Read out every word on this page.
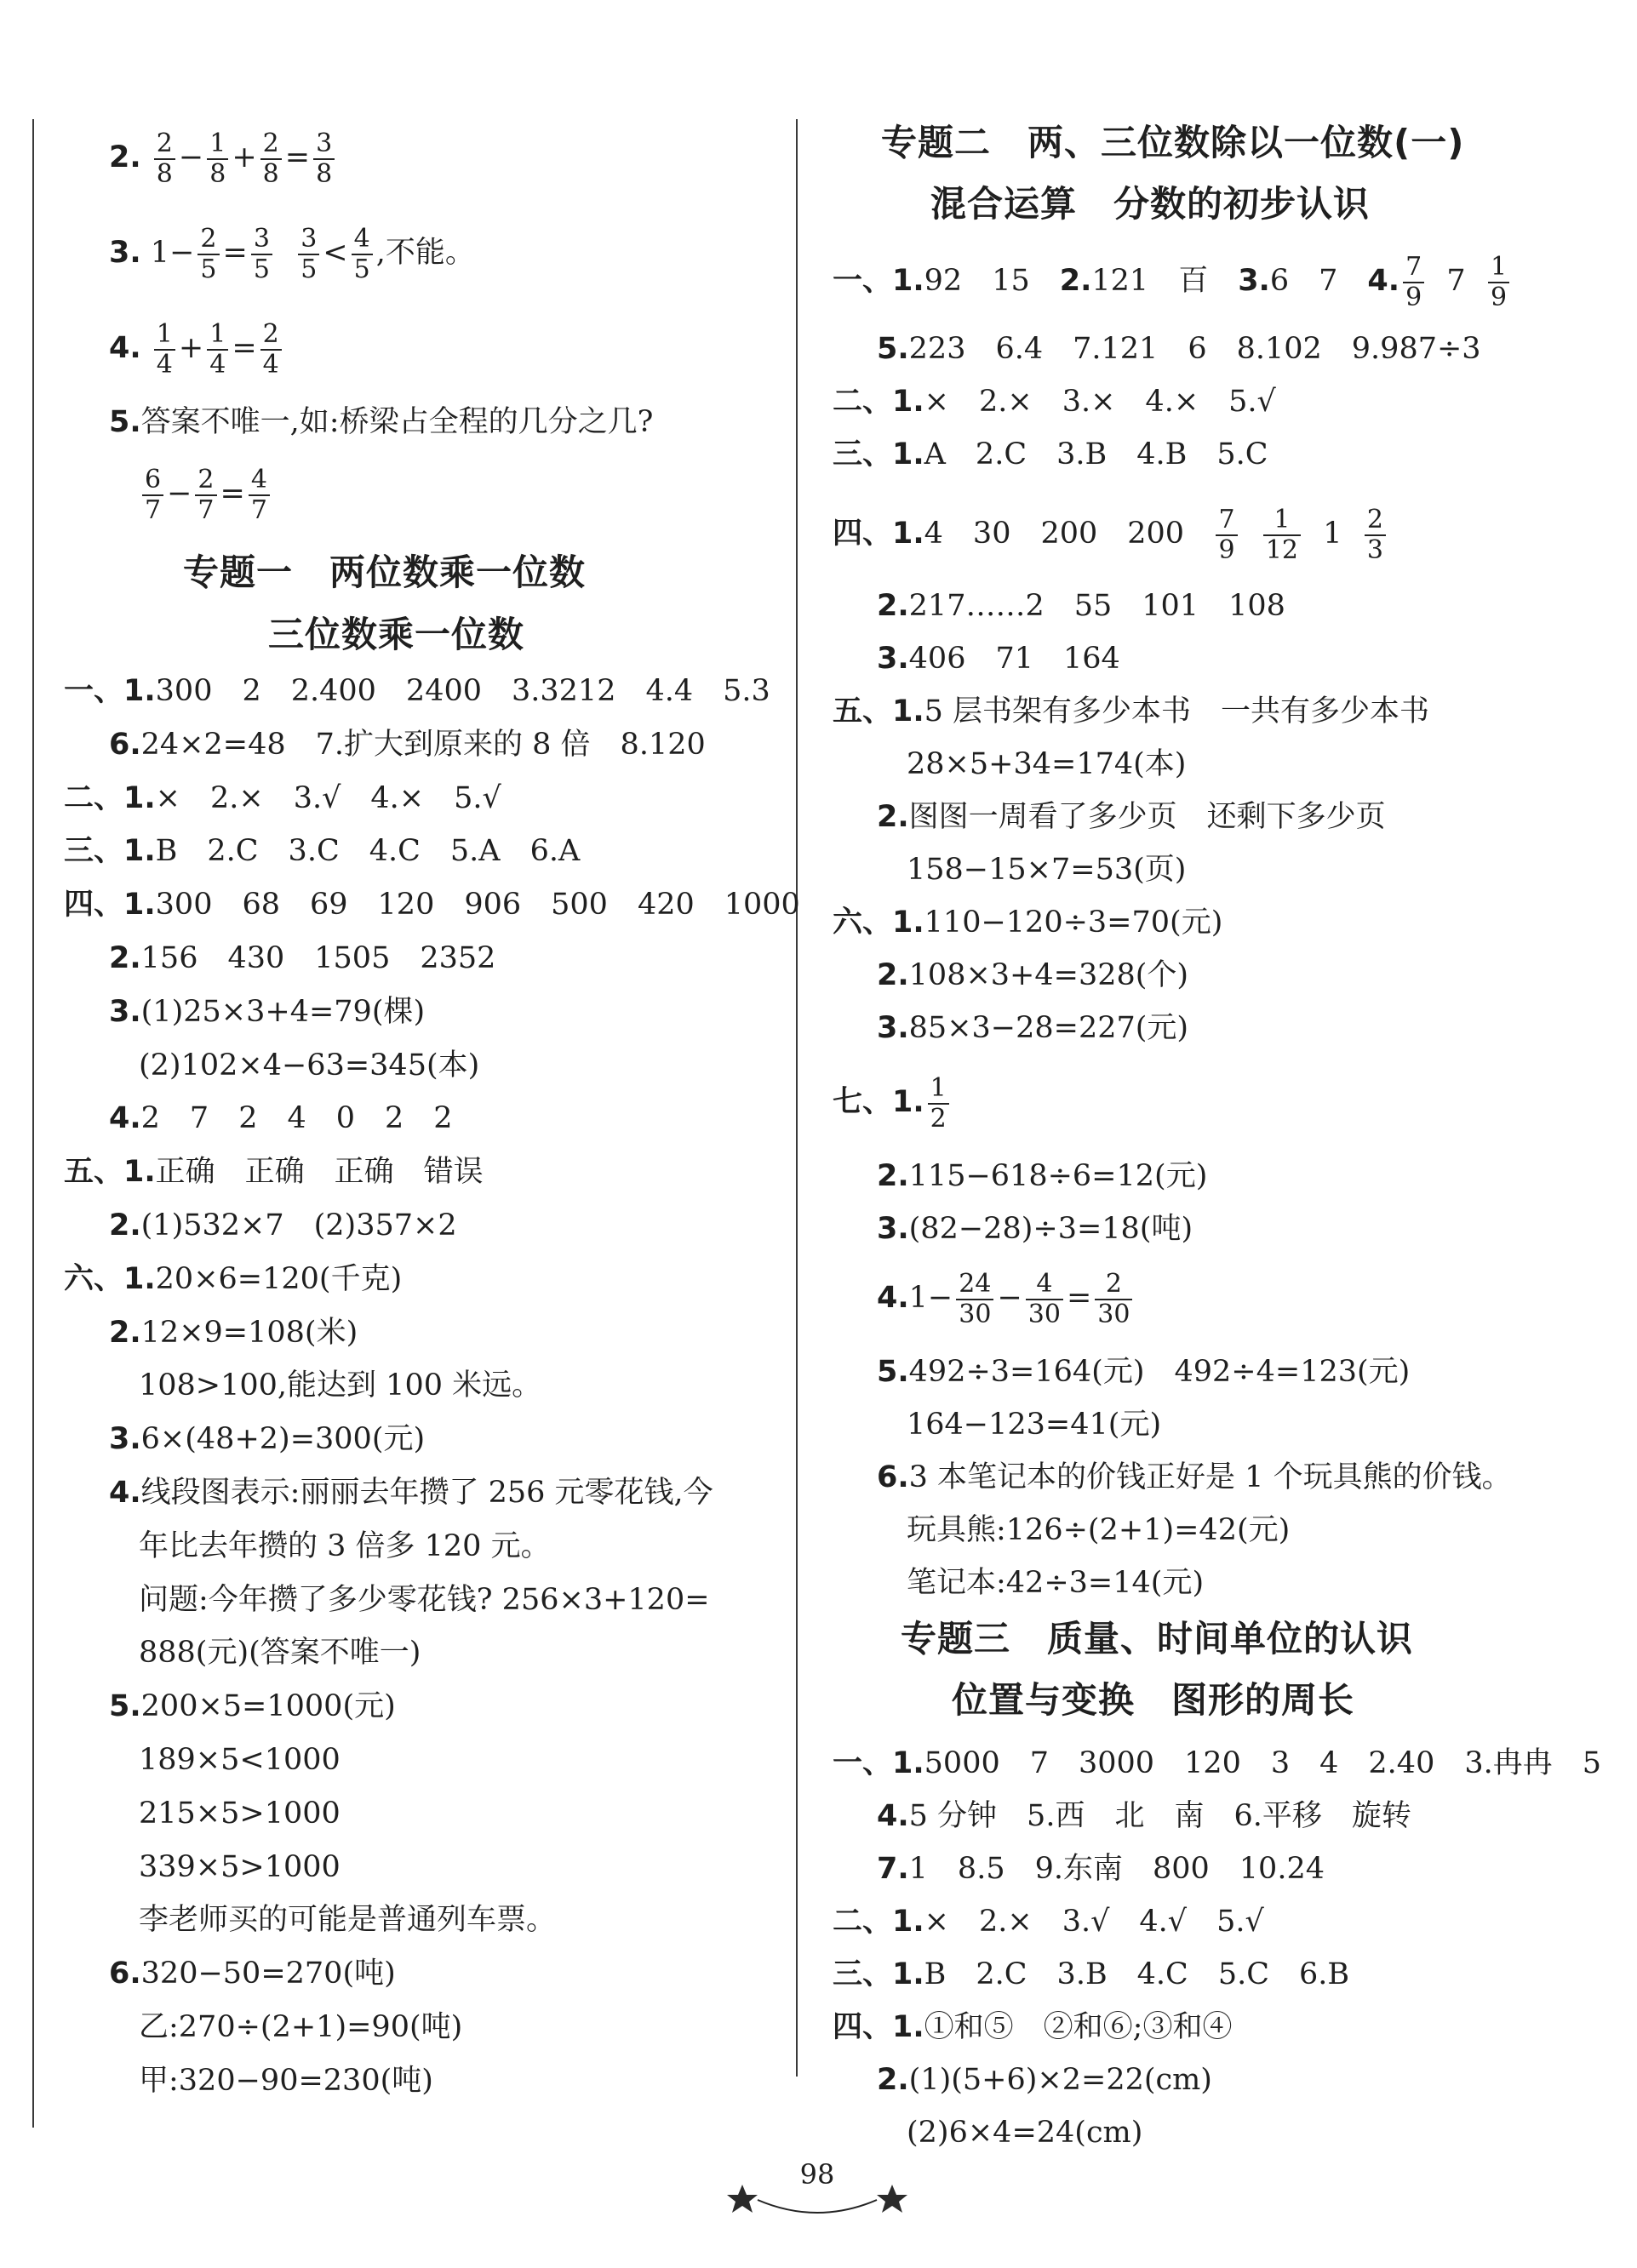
2. $\frac{2}{8} - \frac{1}{8} + \frac{2}{8} = \frac{3}{8}$
3. $1- \frac{2}{5} = \frac{3}{5}$
$\frac{3}{5} < \frac{4}{5}$ ,不能。
4. $\frac{1}{4} + \frac{1}{4} = \frac{2}{4}$
5.答案不唯一,如:桥梁占全程的几分之几?
$\frac{6}{7} - \frac{2}{7} = \frac{4}{7}$
专题一　两位数乘一位数
三位数乘一位数
一、1.300　2　2.400　2400　3.3212　4.4　5.3
6.24×2=48　7.扩大到原来的 8 倍　8.120
二、1.×　2.×　3.√　4.×　5.√
三、1.B　2.C　3.C　4.C　5.A　6.A
四、1.300　68　69　120　906　500　420　1000
2.156　430　1505　2352
3.(1)25×3+4=79(棵)
(2)102×4−63=345(本)
4.2　7　2　4　0　2　2
五、1.正确　正确　正确　错误
2.(1)532×7　(2)357×2
六、1.20×6=120(千克)
2.12×9=108(米)
108>100,能达到 100 米远。
3.6×(48+2)=300(元)
4.线段图表示:丽丽去年攒了 256 元零花钱,今
年比去年攒的 3 倍多 120 元。
问题:今年攒了多少零花钱? 256×3+120=
888(元)(答案不唯一)
5.200×5=1000(元)
189×5<1000
215×5>1000
339×5>1000
李老师买的可能是普通列车票。
6.320−50=270(吨)
乙:270÷(2+1)=90(吨)
甲:320−90=230(吨)
专题二　两、三位数除以一位数(一)
混合运算　分数的初步认识
一、1.92　15　2.121　百　3.6　7　4. $\frac{7}{9} 7 \frac{1}{9}$
5.223　6.4　7.121　6　8.102　9.987÷3
二、1.×　2.×　3.×　4.×　5.√
三、1.A　2.C　3.B　4.B　5.C
四、1.4　30　200　$200 \frac{7}{9}$
$\frac{1}{12} 1 \frac{2}{3}$
2.217……2　55　101　108
3.406　71　164
五、1.5 层书架有多少本书　一共有多少本书
28×5+34=174(本)
2.图图一周看了多少页　还剩下多少页
158−15×7=53(页)
六、1.110−120÷3=70(元)
2.108×3+4=328(个)
3.85×3−28=227(元)
七、1. $\frac{1}{2}$
2.115−618÷6=12(元)
3.(82−28)÷3=18(吨)
$4.1- \frac{24}{30} - \frac{4}{30} = \frac{2}{30}$
5.492÷3=164(元)　492÷4=123(元)
164−123=41(元)
6.3 本笔记本的价钱正好是 1 个玩具熊的价钱。
玩具熊:126÷(2+1)=42(元)
笔记本:42÷3=14(元)
专题三　质量、时间单位的认识
位置与变换　图形的周长
一、1.5000　7　3000　120　3　4　2.40　3.冉冉　5
4.5 分钟　5.西　北　南　6.平移　旋转
7.1　8.5　9.东南　800　10.24
二、1.×　2.×　3.√　4.√　5.√
三、1.B　2.C　3.B　4.C　5.C　6.B
四、1.①和⑤　②和⑥;③和④
2.(1)(5+6)×2=22(cm)
(2)6×4=24(cm)
98
